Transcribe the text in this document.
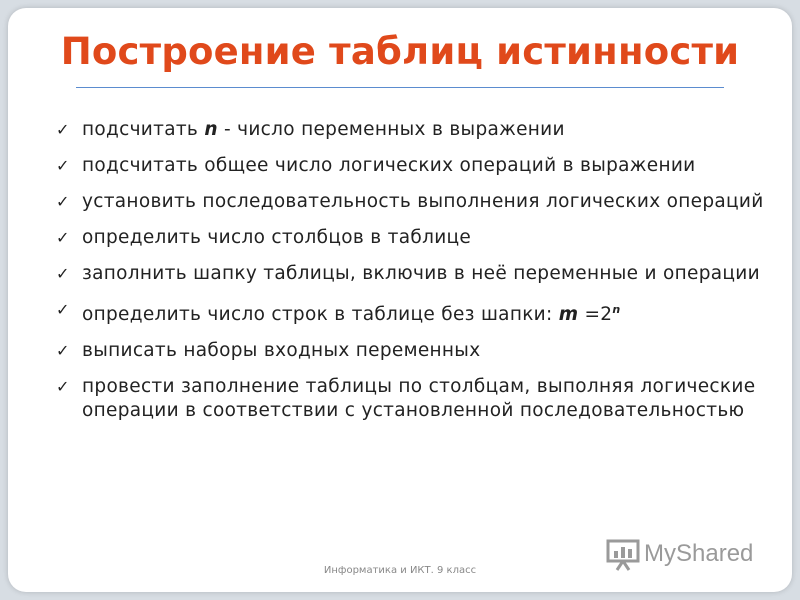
Построение таблиц истинности
✓ подсчитать n - число переменных в выражении
✓ подсчитать общее число логических операций в выражении
✓ установить последовательность выполнения логических операций
✓ определить число столбцов в таблице
✓ заполнить шапку таблицы, включив в неё переменные и операции
✓ определить число строк в таблице без шапки: $m =2^n$
✓ выписать наборы входных переменных
✓ провести заполнение таблицы по столбцам, выполняя логические операции в соответствии с установленной последовательностью
Информатика и ИКТ. 9 класс
MyShared
